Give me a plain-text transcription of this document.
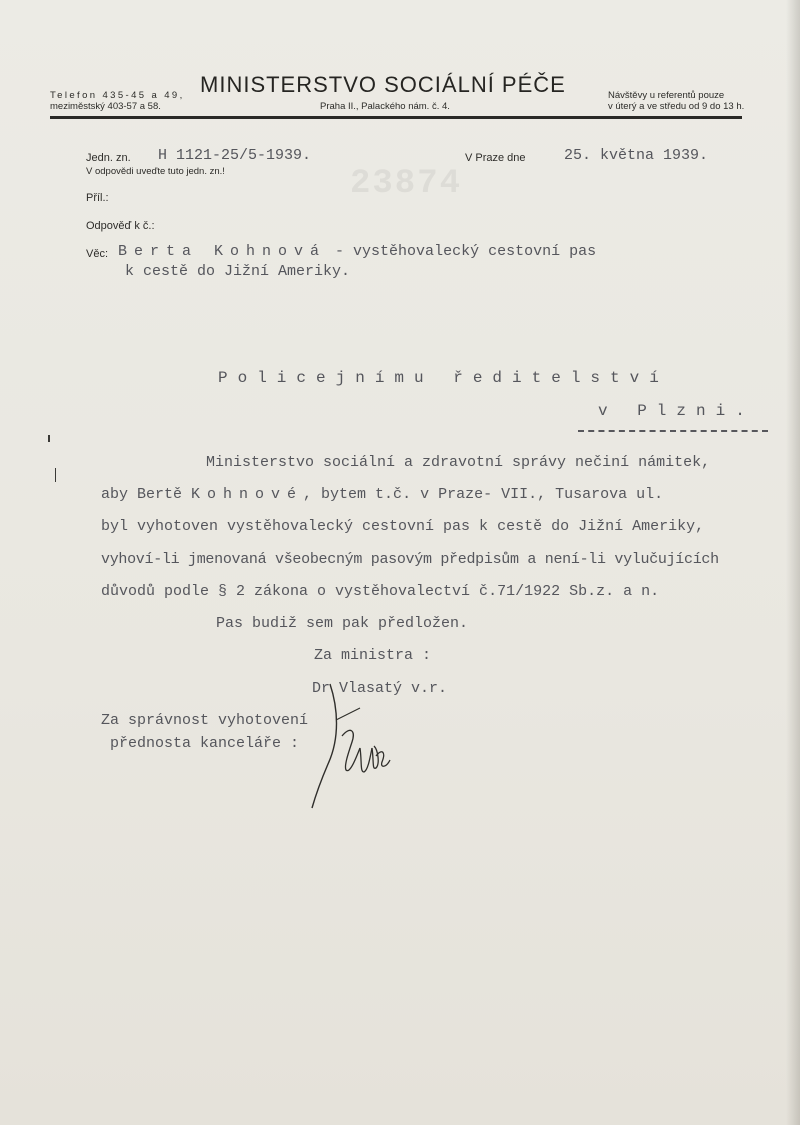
Telefon 435-45 a 49,
meziměstský 403-57 a 58.
MINISTERSTVO SOCIÁLNÍ PÉČE
Praha II., Palackého nám. č. 4.
Návštěvy u referentů pouze
v úterý a ve středu od 9 do 13 h.
23874
Jedn. zn. H 1121-25/5-1939.
V odpovědi uveďte tuto jedn. zn.!
V Praze dne	25. května 1939.
Příl.:
Odpověď k č.:
Věc: Berta Kohnová - vystěhovalecký cestovní pas
k cestě do Jižní Ameriky.
Policejnímu ředitelství
v Plzni.
Ministerstvo sociální a zdravotní správy nečiní námitek,
aby Bertě Kohnové, bytem t.č. v Praze- VII., Tusarova ul.
byl vyhotoven vystěhovalecký cestovní pas k cestě do Jižní Ameriky,
vyhoví-li jmenovaná všeobecným pasovým předpisům a není-li vylučujících
důvodů podle § 2 zákona o vystěhovalectví č.71/1922 Sb.z. a n.
Pas budiž sem pak předložen.
Za ministra :
Dr Vlasatý v.r.
Za správnost vyhotovení
přednosta kanceláře :
